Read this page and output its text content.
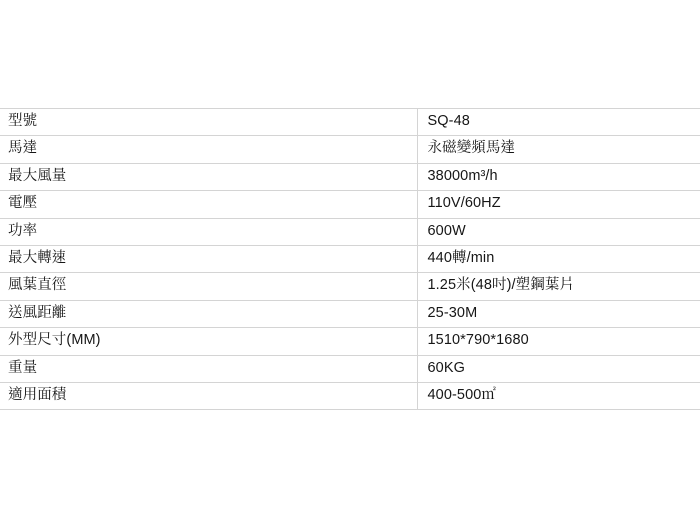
型號	SQ-48
馬達	永磁變頻馬達
最大風量	38000m³/h
電壓	110V/60HZ
功率	600W
最大轉速	440轉/min
風葉直徑	1.25米(48吋)/塑鋼葉片
送風距離	25-30M
外型尺寸(MM)	1510*790*1680
重量	60KG
適用面積	400-500㎡
